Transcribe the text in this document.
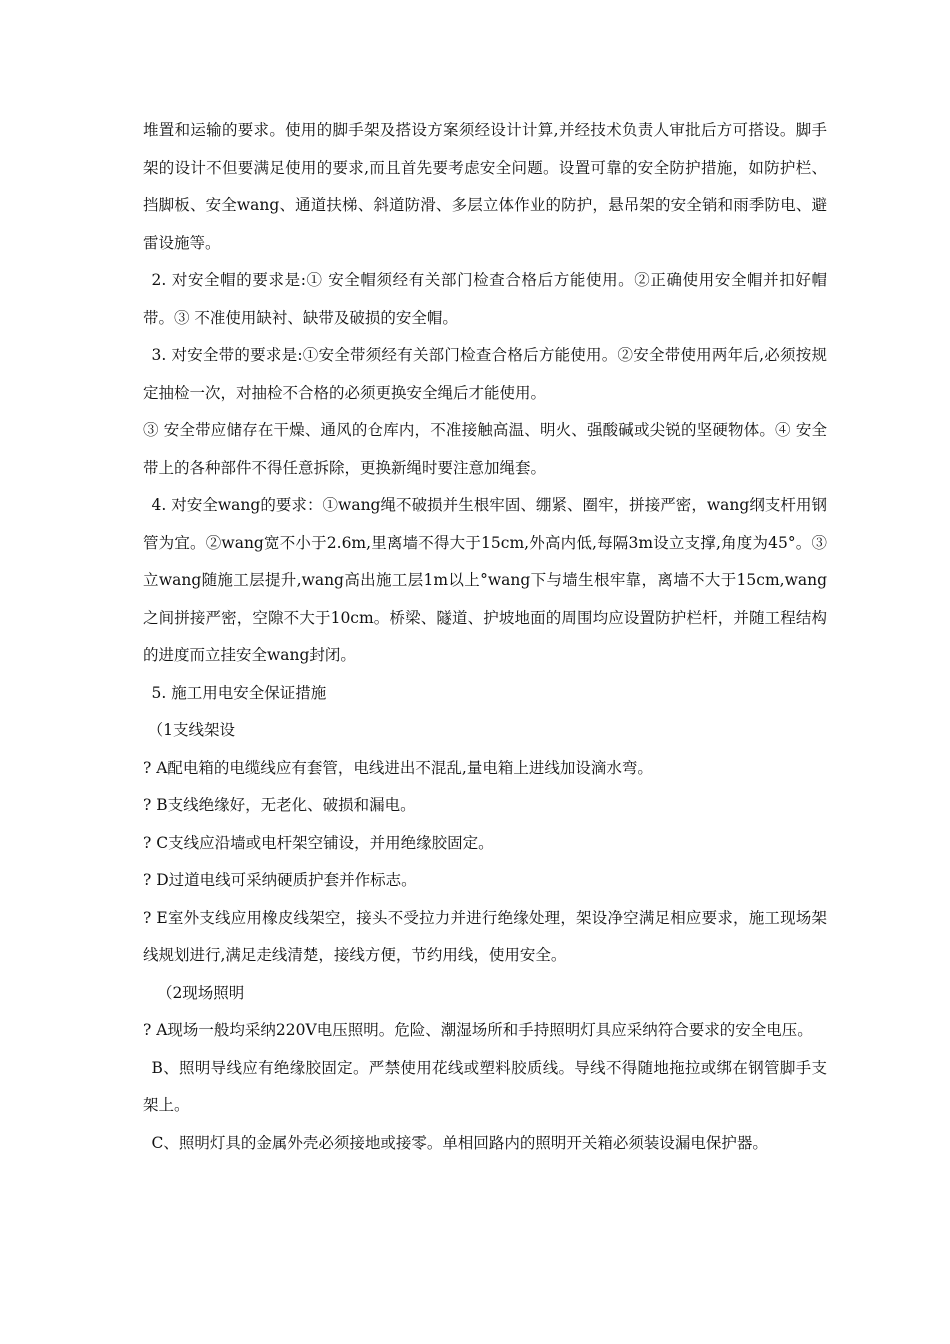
堆置和运输的要求。使用的脚手架及搭设方案须经设计计算,并经技术负责人审批后方可搭设。脚手架的设计不但要满足使用的要求,而且首先要考虑安全问题。设置可靠的安全防护措施，如防护栏、挡脚板、安全wang、通道扶梯、斜道防滑、多层立体作业的防护，悬吊架的安全销和雨季防电、避雷设施等。

2. 对安全帽的要求是:① 安全帽须经有关部门检查合格后方能使用。②正确使用安全帽并扣好帽带。③ 不准使用缺衬、缺带及破损的安全帽。

3. 对安全带的要求是:①安全带须经有关部门检查合格后方能使用。②安全带使用两年后,必须按规定抽检一次，对抽检不合格的必须更换安全绳后才能使用。

③ 安全带应储存在干燥、通风的仓库内，不准接触高温、明火、强酸碱或尖锐的坚硬物体。④ 安全带上的各种部件不得任意拆除，更换新绳时要注意加绳套。

4. 对安全wang的要求：①wang绳不破损并生根牢固、绷紧、圈牢，拼接严密，wang纲支杆用钢管为宜。②wang宽不小于2.6m,里离墙不得大于15cm,外高内低,每隔3m设立支撑,角度为45°。③ 立wang随施工层提升,wang高出施工层1m以上°wang下与墙生根牢靠，离墙不大于15cm,wang之间拼接严密，空隙不大于10cm。桥梁、隧道、护坡地面的周围均应设置防护栏杆，并随工程结构的进度而立挂安全wang封闭。

5. 施工用电安全保证措施

（1支线架设

? A配电箱的电缆线应有套管，电线进出不混乱,量电箱上进线加设滴水弯。

? B支线绝缘好，无老化、破损和漏电。

? C支线应沿墙或电杆架空铺设，并用绝缘胶固定。

? D过道电线可采纳硬质护套并作标志。

? E室外支线应用橡皮线架空，接头不受拉力并进行绝缘处理，架设净空满足相应要求，施工现场架线规划进行,满足走线清楚，接线方便，节约用线，使用安全。

（2现场照明

? A现场一般均采纳220V电压照明。危险、潮湿场所和手持照明灯具应采纳符合要求的安全电压。

B、照明导线应有绝缘胶固定。严禁使用花线或塑料胶质线。导线不得随地拖拉或绑在钢管脚手支架上。

C、照明灯具的金属外壳必须接地或接零。单相回路内的照明开关箱必须装设漏电保护器。
